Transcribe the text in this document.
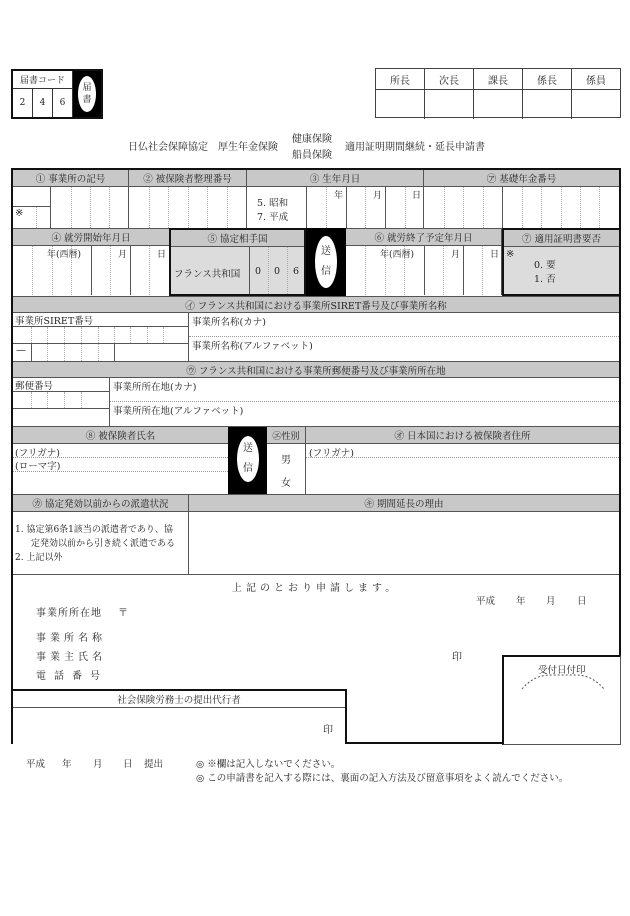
届書コード
2	4	6
届
書
所長	次長	課長	係長	係員
日仏社会保障協定 厚生年金保険
健康保険
船員保険
適用証明期間継続・延長申請書
① 事業所の記号	② 被保険者整理番号	③ 生年月日	㋐ 基礎年金番号
※
5. 昭和
7. 平成
年	月	日
④ 就労開始年月日
年(西暦)	月	日
⑤ 協定相手国
フランス共和国 0 0 6
送
信
⑥ 就労終了予定年月日
年(西暦)	月	日
⑦ 適用証明書要否
※
0. 要
1. 否
㋑ フランス共和国における事業所SIRET番号及び事業所名称
事業所SIRET番号
—
事業所名称(カナ)
事業所名称(アルファベット)
㋒ フランス共和国における事業所郵便番号及び事業所所在地
郵便番号	事業所所在地(カナ)
事業所所在地(アルファベット)
⑧ 被保険者氏名
(フリガナ)
(ローマ字)
送
信
㋓性別
男
女
㋔ 日本国における被保険者住所
(フリガナ)
㋕ 協定発効以前からの派遣状況
1. 協定第6条1該当の派遣者であり、協
定発効以前から引き続く派遣である
2. 上記以外
㋖ 期間延長の理由
上記のとおり申請します。
平成 年 月 日
事業所所在地 〒
事業所名称
事業主氏名	印
電話番号
受付日付印
社会保険労務士の提出代行者
印
平成 年 月 日 提出	◎ ※欄は記入しないでください。
◎ この申請書を記入する際には、裏面の記入方法及び留意事項をよく読んでください。
